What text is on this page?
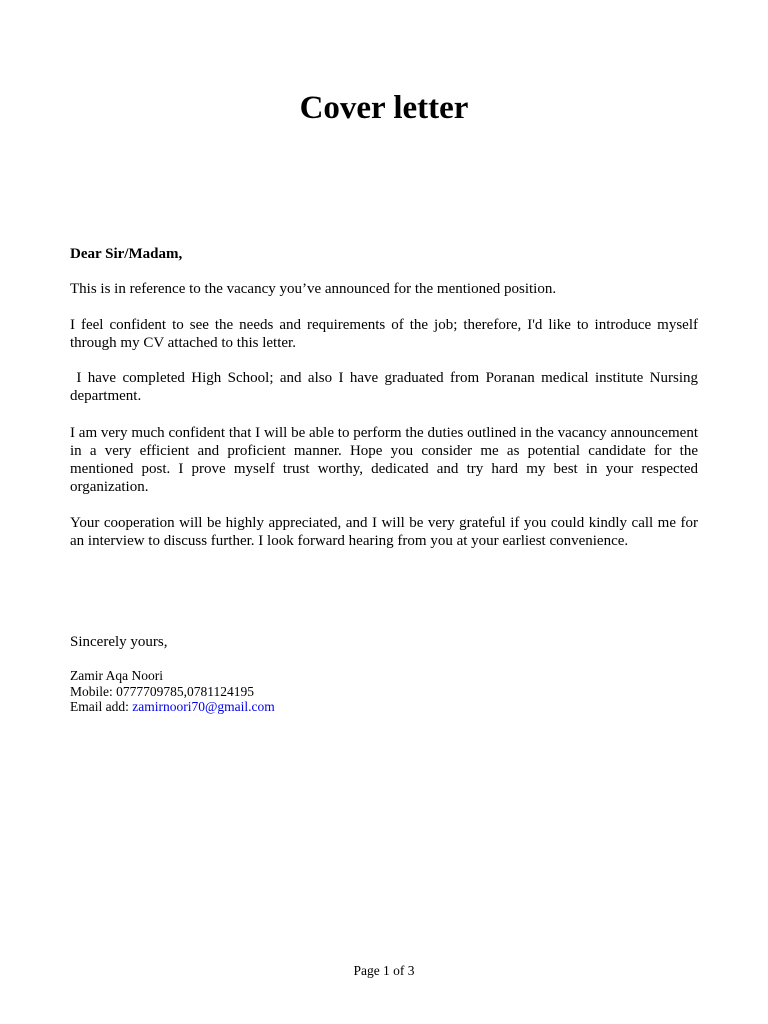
Cover letter

Dear Sir/Madam,

This is in reference to the vacancy you’ve announced for the mentioned position.

I feel confident to see the needs and requirements of the job; therefore, I'd like to introduce myself through my CV attached to this letter.

I have completed High School; and also I have graduated from Poranan medical institute Nursing department.

I am very much confident that I will be able to perform the duties outlined in the vacancy announcement in a very efficient and proficient manner. Hope you consider me as potential candidate for the mentioned post. I prove myself trust worthy, dedicated and try hard my best in your respected organization.

Your cooperation will be highly appreciated, and I will be very grateful if you could kindly call me for an interview to discuss further. I look forward hearing from you at your earliest convenience.

Sincerely yours,

Zamir Aqa Noori
Mobile: 0777709785,0781124195
Email add: zamirnoori70@gmail.com
Page 1 of 3
